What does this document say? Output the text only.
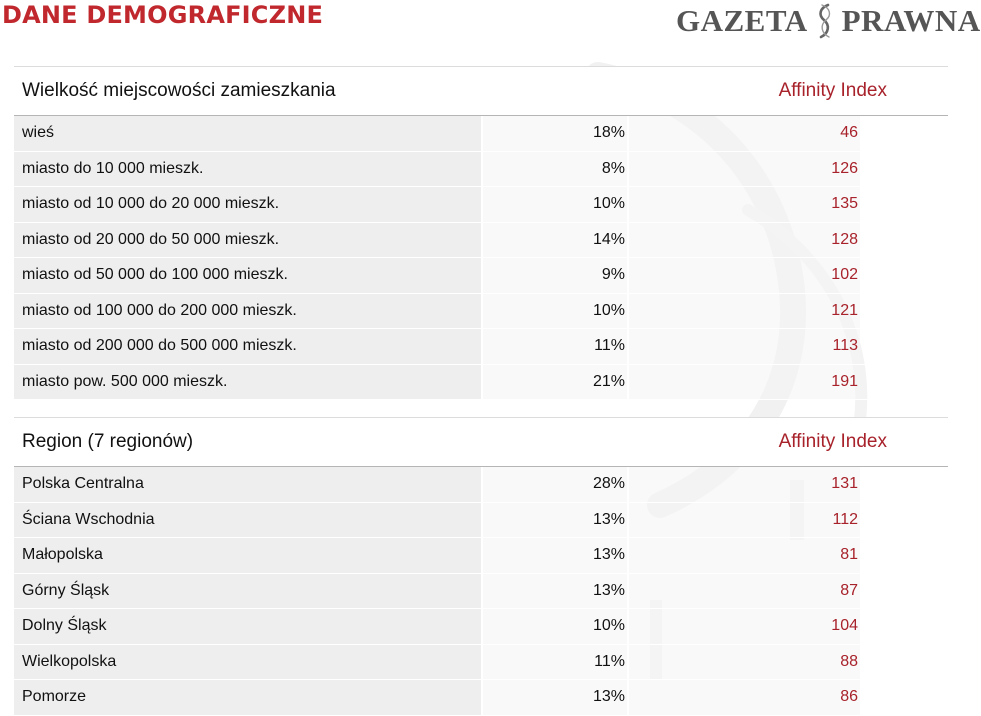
DANE DEMOGRAFICZNE	GAZETA PRAWNA
Wielkość miejscowości zamieszkania	Affinity Index
wieś	18%	46
miasto do 10 000 mieszk.	8%	126
miasto od 10 000 do 20 000 mieszk.	10%	135
miasto od 20 000 do 50 000 mieszk.	14%	128
miasto od 50 000 do 100 000 mieszk.	9%	102
miasto od 100 000 do 200 000 mieszk.	10%	121
miasto od 200 000 do 500 000 mieszk.	11%	113
miasto pow. 500 000 mieszk.	21%	191
Region (7 regionów)	Affinity Index
Polska Centralna	28%	131
Ściana Wschodnia	13%	112
Małopolska	13%	81
Górny Śląsk	13%	87
Dolny Śląsk	10%	104
Wielkopolska	11%	88
Pomorze	13%	86
